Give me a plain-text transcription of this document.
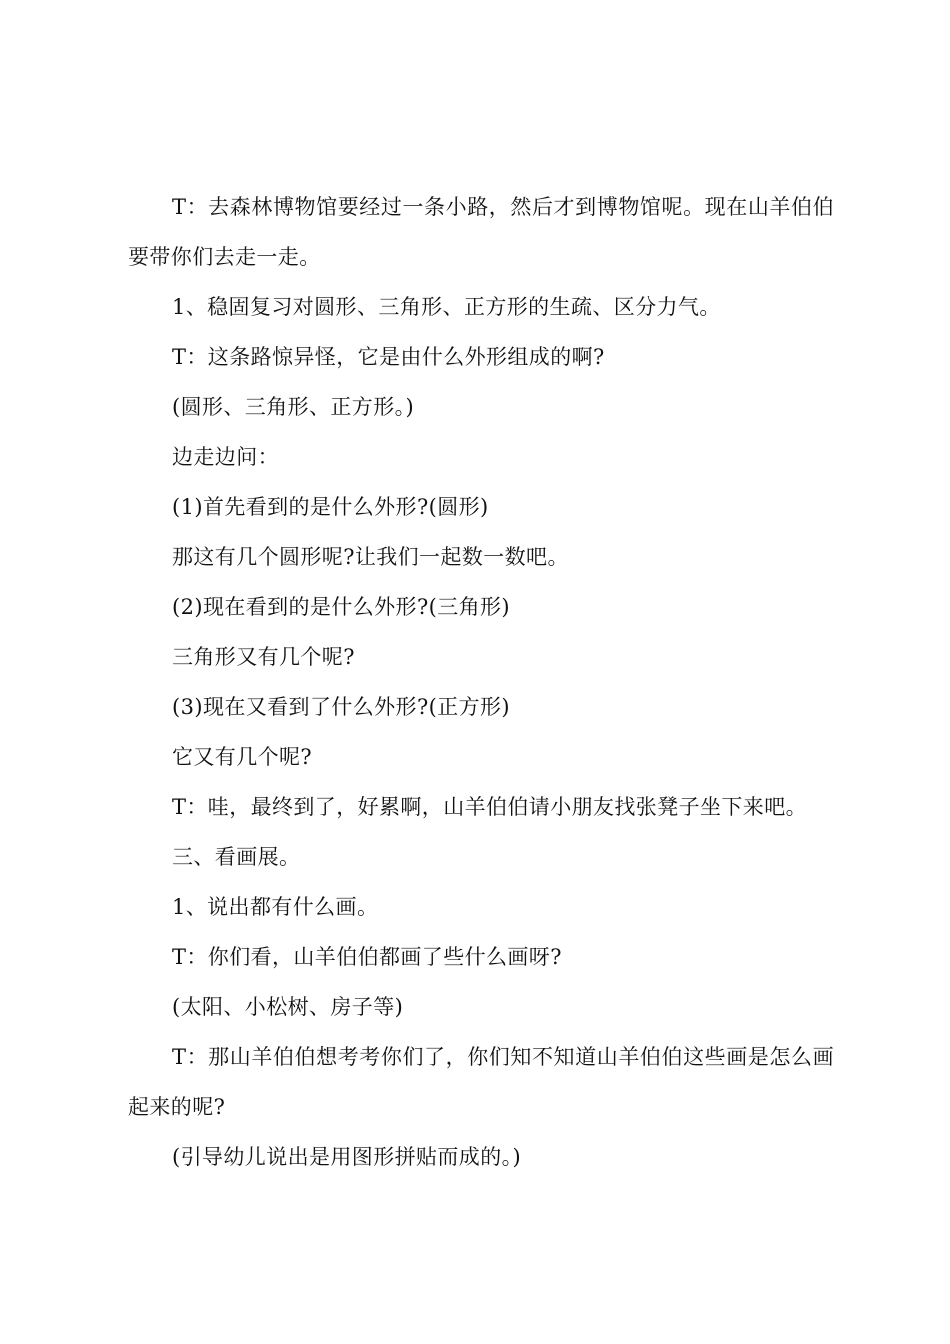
T：去森林博物馆要经过一条小路，然后才到博物馆呢。现在山羊伯伯要带你们去走一走。

1、稳固复习对圆形、三角形、正方形的生疏、区分力气。

T：这条路惊异怪，它是由什么外形组成的啊?

(圆形、三角形、正方形。)

边走边问：

(1)首先看到的是什么外形?(圆形)

那这有几个圆形呢?让我们一起数一数吧。

(2)现在看到的是什么外形?(三角形)

三角形又有几个呢?

(3)现在又看到了什么外形?(正方形)

它又有几个呢?

T：哇，最终到了，好累啊，山羊伯伯请小朋友找张凳子坐下来吧。

三、看画展。

1、说出都有什么画。

T：你们看，山羊伯伯都画了些什么画呀?

(太阳、小松树、房子等)

T：那山羊伯伯想考考你们了，你们知不知道山羊伯伯这些画是怎么画起来的呢?

(引导幼儿说出是用图形拼贴而成的。)
